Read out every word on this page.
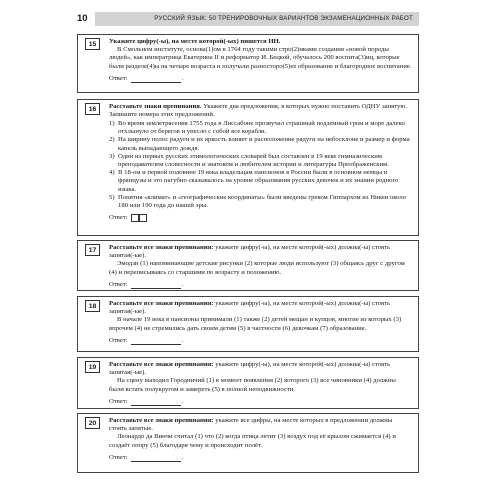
10	РУССКИЙ ЯЗЫК: 50 ТРЕНИРОВОЧНЫХ ВАРИАНТОВ ЭКЗАМЕНАЦИОННЫХ РАБОТ
15	Укажите цифру(-ы), на месте которой(-ых) пишется НН.

В Смольном институте, основа(1)ом в 1764 году такими стро(2)иками создания «новой породы людей», как императрица Екатерина II и реформатор И. Бецкой, обучалось 200 воспита(3)иц, которые были разделе(4)ы на четыре возраста и получали разносторо(5)ее образование и благородное воспитание.

Ответ:	.
16	Расставьте знаки препинания. Укажите два предложения, в которых нужно поставить ОДНУ запятую. Запишите номера этих предложений.

1) Во время землетрясения 1755 года в Лиссабоне прозвучал страшный подземный гром и море далеко отхлынуло от берегов и унесло с собой все корабли.
2) На ширину полос радуги и их яркость влияет и расположение радуги на небосклоне и размер и форма капель выпадающего дождя.
3) Один из первых русских этимологических словарей был составлен в 19 веке гимназическим преподавателем словесности и знатоком и любителем истории и литературы Преображенским.
4) В 18-ом и первой половине 19 века владельцам пансионов в России были в основном немцы и французы и это пагубно сказывалось на уровне образования русских девочек и их знании родного языка.
5) Понятия «климат» и «географические координаты» были введены греком Гиппархом из Никеи около 180 или 190 года до нашей эры.
Ответ:
17	Расставьте все знаки препинания: укажите цифру(-ы), на месте которой(-ых) должна(-ы) стоять запятая(-ые).

Эмодзи (1) напоминающие детские рисунки (2) которые люди используют (3) общаясь друг с другом (4) и переписываясь со старшими по возрасту и положению.

Ответ:	.
18	Расставьте все знаки препинания: укажите цифру(-ы), на месте которой(-ых) должна(-ы) стоять запятая(-ые).

В начале 19 века в пансионы принимали (1) также (2) детей мещан и купцов, многие из которых (3) впрочем (4) не стремились дать своим детям (5) в частности (6) девочкам (7) образование.

Ответ:	.
19	Расставьте все знаки препинания: укажите цифру(-ы), на месте которой(-ых) должна(-ы) стоять запятая(-ые).

На сцену выходил Городничий (1) в момент появления (2) которого (3) все чиновники (4) должны были встать полукругом и замереть (5) в полной неподвижности.

Ответ:	.
20	Расставьте все знаки препинания: укажите все цифры, на месте которых в предложении должны стоять запятые.

Леонардо да Винчи считал (1) что (2) когда птица летит (3) воздух под её крылом сжимается (4) и создаёт опору (5) благодаря чему и происходит полёт.

Ответ:	.
